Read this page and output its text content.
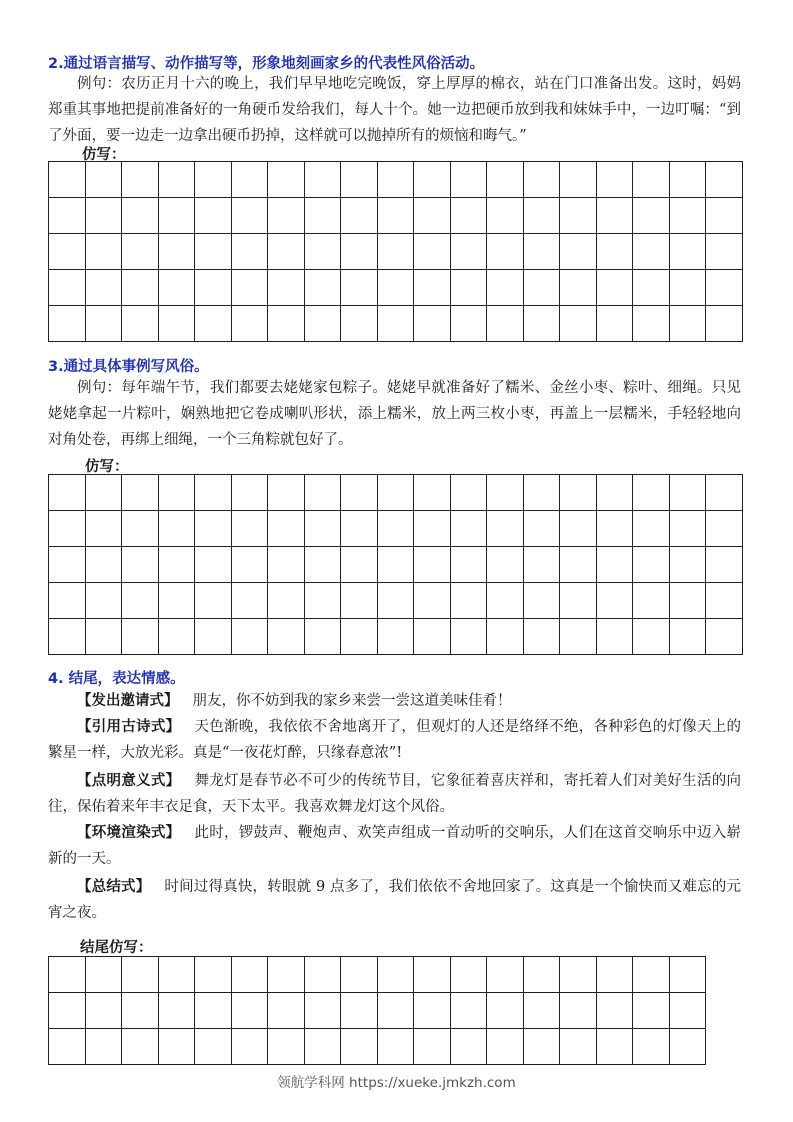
2.通过语言描写、动作描写等，形象地刻画家乡的代表性风俗活动。

例句：农历正月十六的晚上，我们早早地吃完晚饭，穿上厚厚的棉衣，站在门口准备出发。这时，妈妈郑重其事地把提前准备好的一角硬币发给我们，每人十个。她一边把硬币放到我和妹妹手中，一边叮嘱：“到了外面，要一边走一边拿出硬币扔掉，这样就可以抛掉所有的烦恼和晦气。”

仿写：

3.通过具体事例写风俗。

例句：每年端午节，我们都要去姥姥家包粽子。姥姥早就准备好了糯米、金丝小枣、粽叶、细绳。只见姥姥拿起一片粽叶，娴熟地把它卷成喇叭形状，添上糯米，放上两三枚小枣，再盖上一层糯米，手轻轻地向对角处卷，再绑上细绳，一个三角粽就包好了。

仿写：

4. 结尾，表达情感。

【发出邀请式】 朋友，你不妨到我的家乡来尝一尝这道美味佳肴！

【引用古诗式】 天色渐晚，我依依不舍地离开了，但观灯的人还是络绎不绝，各种彩色的灯像天上的繁星一样，大放光彩。真是“一夜花灯醉，只缘春意浓”!

【点明意义式】 舞龙灯是春节必不可少的传统节目，它象征着喜庆祥和，寄托着人们对美好生活的向往，保佑着来年丰衣足食，天下太平。我喜欢舞龙灯这个风俗。

【环境渲染式】 此时，锣鼓声、鞭炮声、欢笑声组成一首动听的交响乐，人们在这首交响乐中迈入崭新的一天。

【总结式】 时间过得真快，转眼就 9 点多了，我们依依不舍地回家了。这真是一个愉快而又难忘的元宵之夜。

结尾仿写：

领航学科网 https://xueke.jmkzh.com
